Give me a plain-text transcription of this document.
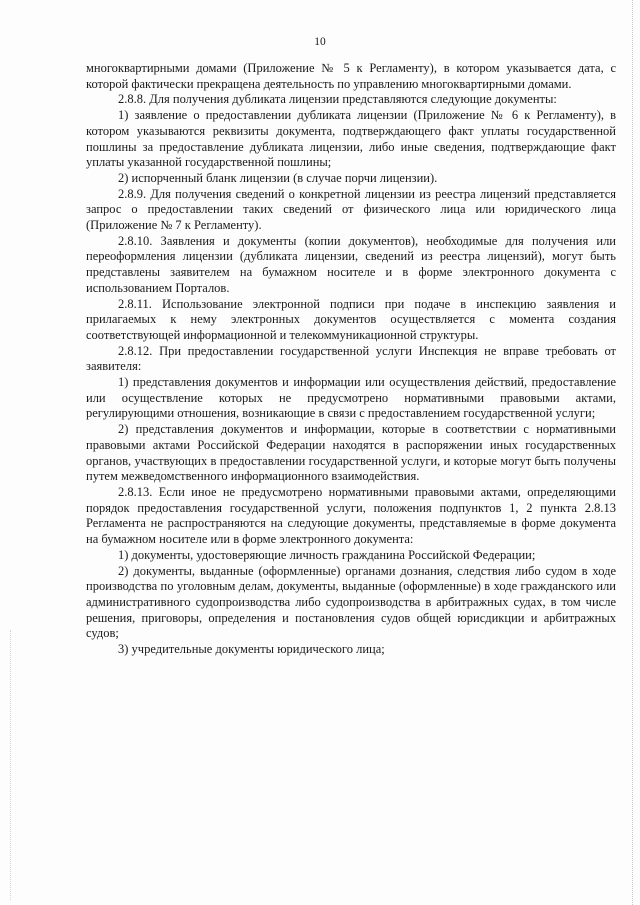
10

многоквартирными домами (Приложение № 5 к Регламенту), в котором указывается дата, с которой фактически прекращена деятельность по управлению многоквартирными домами.

2.8.8. Для получения дубликата лицензии представляются следующие документы:

1) заявление о предоставлении дубликата лицензии (Приложение № 6 к Регламенту), в котором указываются реквизиты документа, подтверждающего факт уплаты государственной пошлины за предоставление дубликата лицензии, либо иные сведения, подтверждающие факт уплаты указанной государственной пошлины;

2) испорченный бланк лицензии (в случае порчи лицензии).

2.8.9. Для получения сведений о конкретной лицензии из реестра лицензий представляется запрос о предоставлении таких сведений от физического лица или юридического лица (Приложение № 7 к Регламенту).

2.8.10. Заявления и документы (копии документов), необходимые для получения или переоформления лицензии (дубликата лицензии, сведений из реестра лицензий), могут быть представлены заявителем на бумажном носителе и в форме электронного документа с использованием Порталов.

2.8.11. Использование электронной подписи при подаче в инспекцию заявления и прилагаемых к нему электронных документов осуществляется с момента создания соответствующей информационной и телекоммуникационной структуры.

2.8.12. При предоставлении государственной услуги Инспекция не вправе требовать от заявителя:

1) представления документов и информации или осуществления действий, предоставление или осуществление которых не предусмотрено нормативными правовыми актами, регулирующими отношения, возникающие в связи с предоставлением государственной услуги;

2) представления документов и информации, которые в соответствии с нормативными правовыми актами Российской Федерации находятся в распоряжении иных государственных органов, участвующих в предоставлении государственной услуги, и которые могут быть получены путем межведомственного информационного взаимодействия.

2.8.13. Если иное не предусмотрено нормативными правовыми актами, определяющими порядок предоставления государственной услуги, положения подпунктов 1, 2 пункта 2.8.13 Регламента не распространяются на следующие документы, представляемые в форме документа на бумажном носителе или в форме электронного документа:

1) документы, удостоверяющие личность гражданина Российской Федерации;

2) документы, выданные (оформленные) органами дознания, следствия либо судом в ходе производства по уголовным делам, документы, выданные (оформленные) в ходе гражданского или административного судопроизводства либо судопроизводства в арбитражных судах, в том числе решения, приговоры, определения и постановления судов общей юрисдикции и арбитражных судов;

3) учредительные документы юридического лица;
